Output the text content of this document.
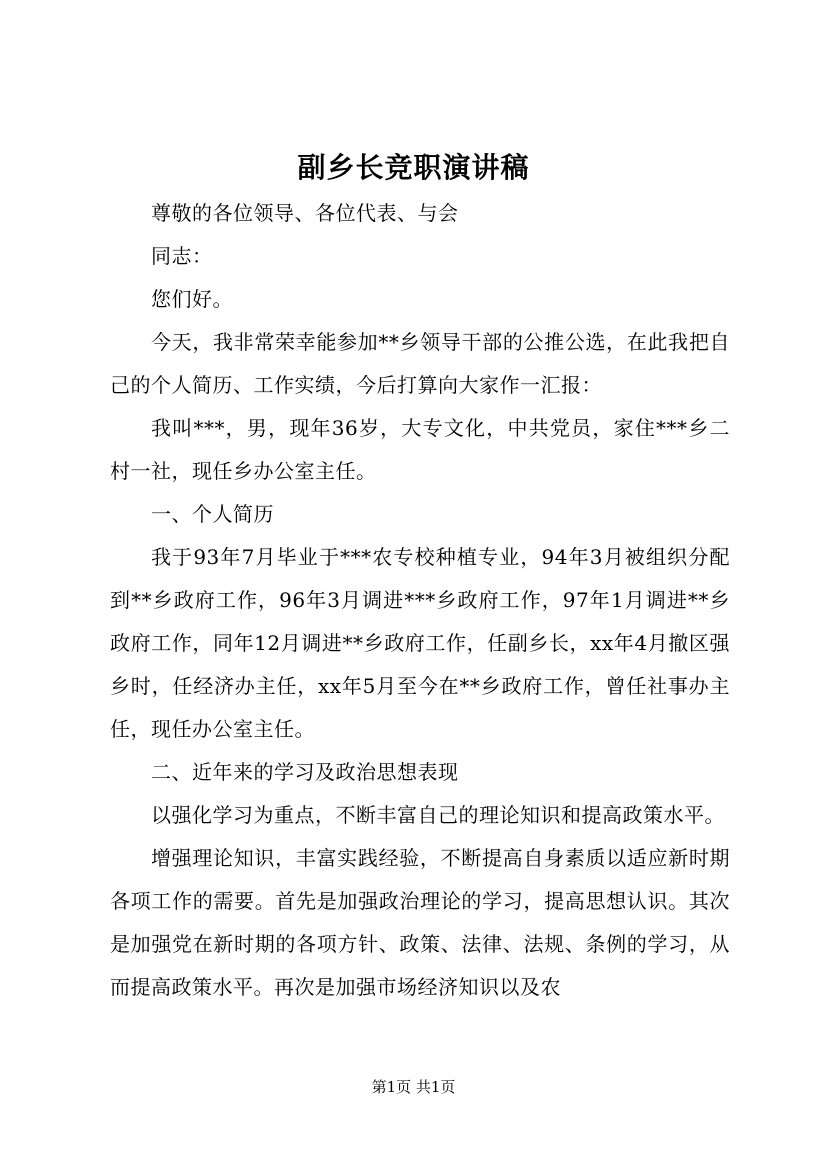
副乡长竞职演讲稿

尊敬的各位领导、各位代表、与会

同志：

您们好。

今天，我非常荣幸能参加**乡领导干部的公推公选，在此我把自己的个人简历、工作实绩，今后打算向大家作一汇报：

我叫***，男，现年36岁，大专文化，中共党员，家住***乡二村一社，现任乡办公室主任。

一、个人简历

我于93年7月毕业于***农专校种植专业，94年3月被组织分配到**乡政府工作，96年3月调进***乡政府工作，97年1月调进**乡政府工作，同年12月调进**乡政府工作，任副乡长，xx年4月撤区强乡时，任经济办主任，xx年5月至今在**乡政府工作，曾任社事办主任，现任办公室主任。

二、近年来的学习及政治思想表现

以强化学习为重点，不断丰富自己的理论知识和提高政策水平。

增强理论知识，丰富实践经验，不断提高自身素质以适应新时期各项工作的需要。首先是加强政治理论的学习，提高思想认识。其次是加强党在新时期的各项方针、政策、法律、法规、条例的学习，从而提高政策水平。再次是加强市场经济知识以及农

第1页 共1页
